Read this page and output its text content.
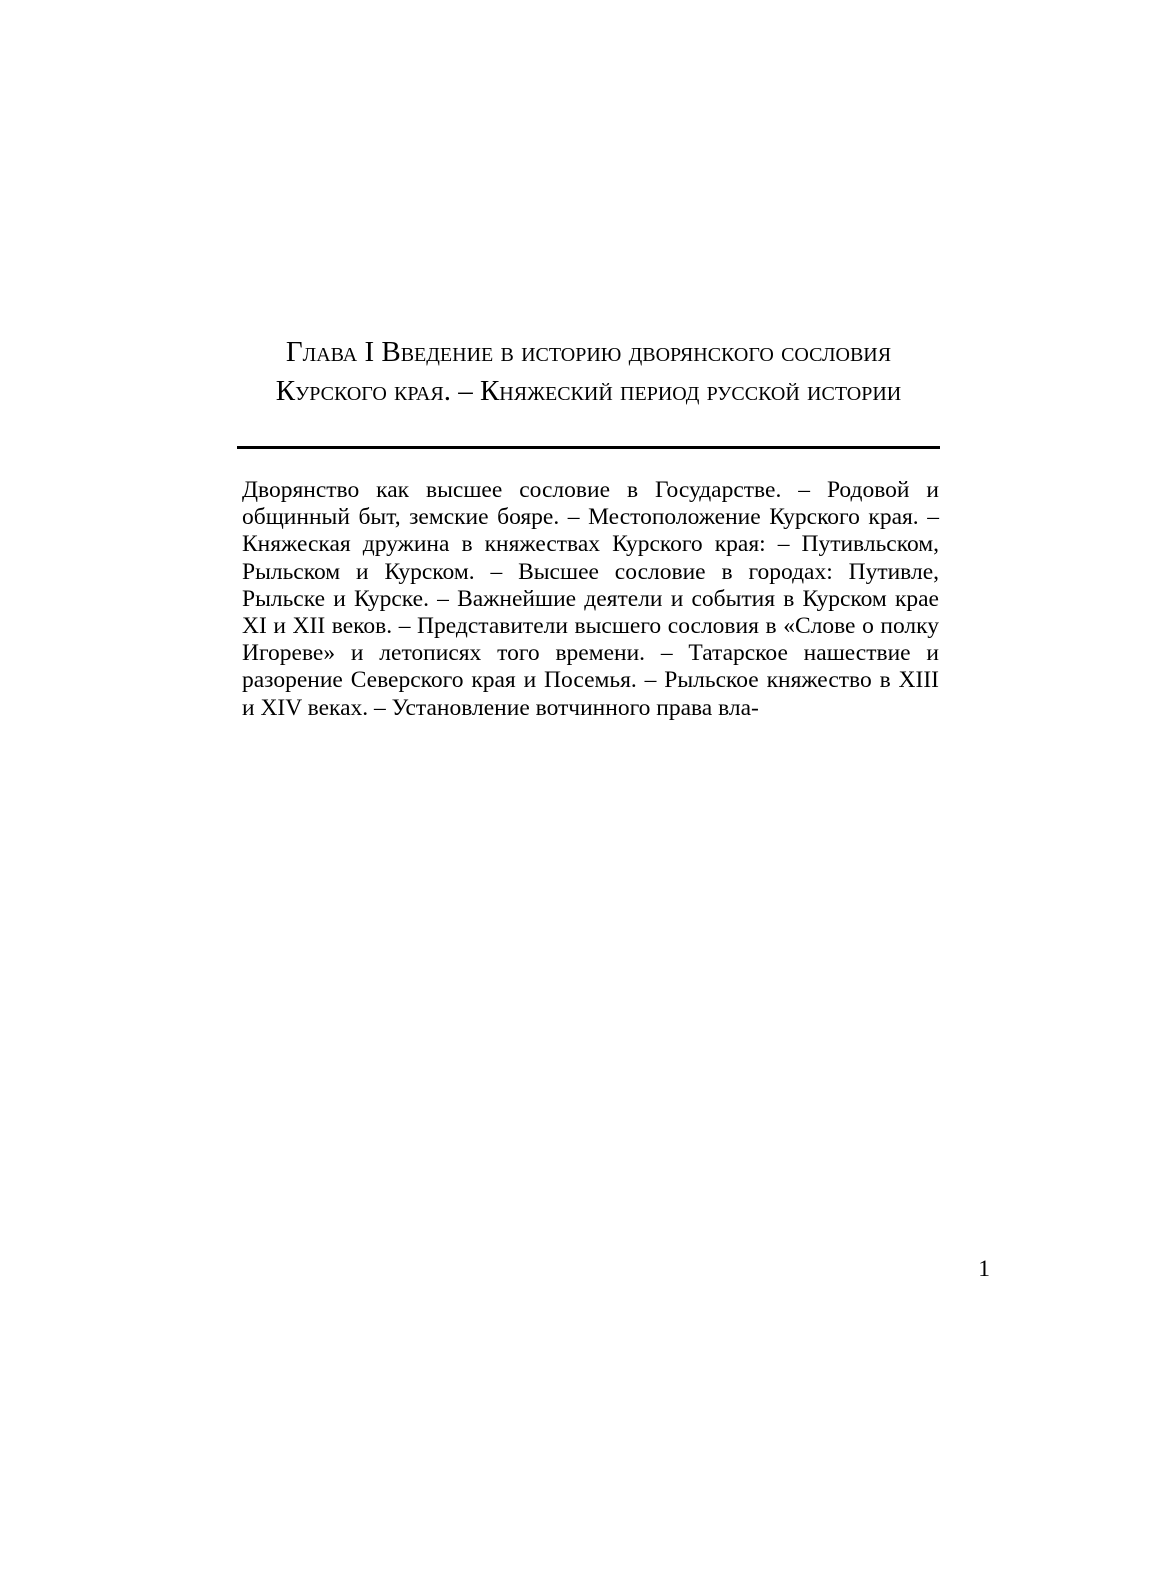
Глава I Введение в историю дворянского сословия Курского края. – Княжеский период русской истории

Дворянство как высшее сословие в Государстве. – Родовой и общинный быт, земские бояре. – Местоположение Курского края. – Княжеская дружина в княжествах Курского края: – Путивльском, Рыльском и Курском. – Высшее сословие в городах: Путивле, Рыльске и Курске. – Важнейшие деятели и события в Курском крае XI и XII веков. – Представители высшего сословия в «Слове о полку Игореве» и летописях того времени. – Татарское нашествие и разорение Северского края и Посемья. – Рыльское княжество в XIII и XIV веках. – Установление вотчинного права вла-

1
